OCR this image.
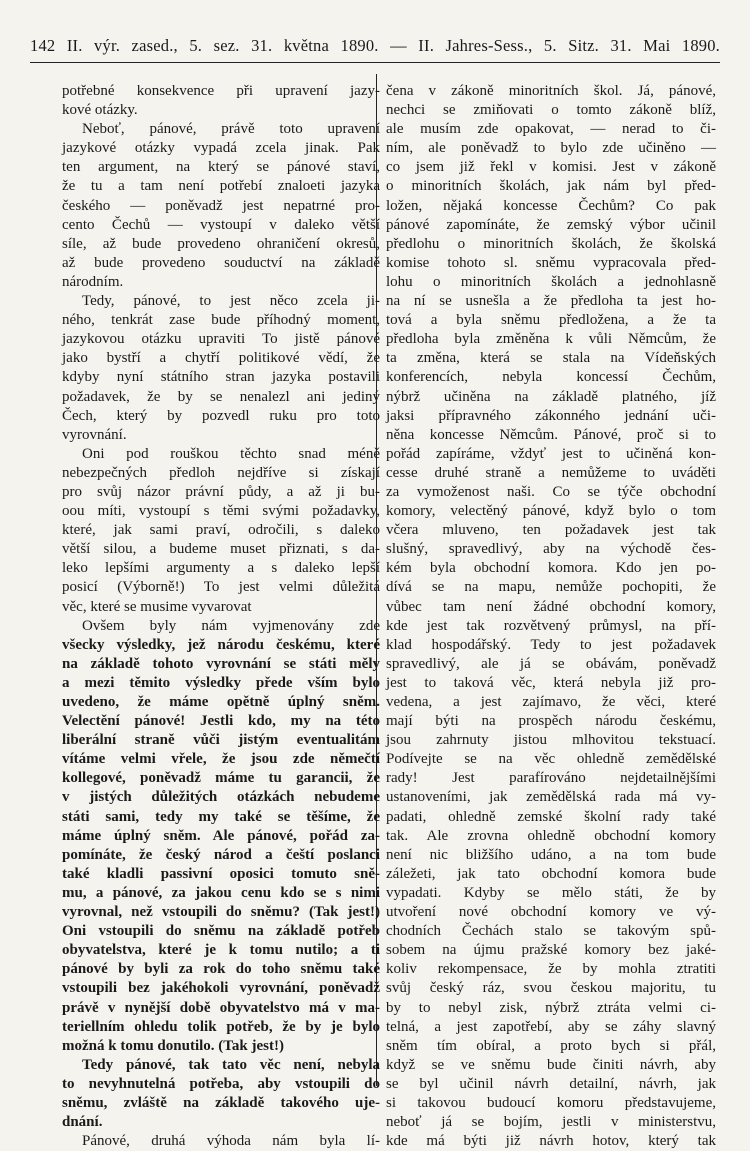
142 II. výr. zased., 5. sez. 31. května 1890. — II. Jahres-Sess., 5. Sitz. 31. Mai 1890.
potřebné konsekvence při upravení jazy-
kové otázky.
Neboť, pánové, právě toto upravení
jazykové otázky vypadá zcela jinak. Pak
ten argument, na který se pánové staví,
že tu a tam není potřebí znaloeti jazyka
českého — poněvadž jest nepatrné pro-
cento Čechů — vystoupí v daleko větší
síle, až bude provedeno ohraničení okresů,
až bude provedeno souductví na základě
národním.
Tedy, pánové, to jest něco zcela ji-
ného, tenkrát zase bude příhodný moment,
jazykovou otázku upraviti To jistě pánové
jako bystří a chytří politikové vědí, že
kdyby nyní státního stran jazyka postavili
požadavek, že by se nenalezl ani jediný
Čech, který by pozvedl ruku pro toto
vyrovnání.
Oni pod rouškou těchto snad méně
nebezpečných předloh nejdříve si získají
pro svůj názor právní půdy, a až ji bu-
oou míti, vystoupí s těmi svými požadavky,
které, jak sami praví, odročili, s daleko
větší silou, a budeme muset přiznati, s da-
leko lepšími argumenty a s daleko lepší
posicí (Výborně!) To jest velmi důležitá
věc, které se musime vyvarovat
Ovšem byly nám vyjmenovány zde
všecky výsledky, jež národu českému, které
na základě tohoto vyrovnání se státi měly
a mezi těmito výsledky přede vším bylo
uvedeno, že máme opětně úplný sněm.
Velectění pánové! Jestli kdo, my na této
liberální straně vůči jistým eventualitám
vítáme velmi vřele, že jsou zde němečtí
kollegové, poněvadž máme tu garancii, že
v jistých důležitých otázkách nebudeme
státi sami, tedy my také se těšíme, že
máme úplný sněm. Ale pánové, pořád za-
pomínáte, že český národ a čeští poslanci
také kladli passivní oposici tomuto sně-
mu, a pánové, za jakou cenu kdo se s nimi
vyrovnal, než vstoupili do sněmu? (Tak jest!)
Oni vstoupili do sněmu na základě potřeb
obyvatelstva, které je k tomu nutilo; a ti
pánové by byli za rok do toho sněmu také
vstoupili bez jakéhokoli vyrovnání, poněvadž
právě v nynější době obyvatelstvo má v ma-
teriellním ohledu tolik potřeb, že by je bylo
možná k tomu donutilo. (Tak jest!)
Tedy pánové, tak tato věc není, nebyla
to nevyhnutelná potřeba, aby vstoupili do
sněmu, zvláště na základě takového uje-
dnání.
Pánové, druhá výhoda nám byla lí-
čena v zákoně minoritních škol. Já, pánové,
nechci se zmiňovati o tomto zákoně blíž,
ale musím zde opakovat, — nerad to či-
ním, ale poněvadž to bylo zde učiněno —
co jsem již řekl v komisi. Jest v zákoně
o minoritních školách, jak nám byl před-
ložen, nějaká koncesse Čechům? Co pak
pánové zapomínáte, že zemský výbor učinil
předlohu o minoritních školách, že školská
komise tohoto sl. sněmu vypracovala před-
lohu o minoritních školách a jednohlasně
na ní se usnešla a že předloha ta jest ho-
tová a byla sněmu předložena, a že ta
předloha byla změněna k vůli Němcům, že
ta změna, která se stala na Vídeňských
konferencích, nebyla koncessí Čechům,
nýbrž učiněna na základě platného, jíž
jaksi přípravného zákonného jednání uči-
něna koncesse Němcům. Pánové, proč si to
pořád zapíráme, vždyť jest to učiněná kon-
cesse druhé straně a nemůžeme to uváděti
za vymoženost naši. Co se týče obchodní
komory, velectěný pánové, když bylo o tom
včera mluveno, ten požadavek jest tak
slušný, spravedlivý, aby na východě čes-
kém byla obchodní komora. Kdo jen po-
dívá se na mapu, nemůže pochopiti, že
vůbec tam není žádné obchodní komory,
kde jest tak rozvětvený průmysl, na pří-
klad hospodářský. Tedy to jest požadavek
spravedlivý, ale já se obávám, poněvadž
jest to taková věc, která nebyla již pro-
vedena, a jest zajímavo, že věci, které
mají býti na prospěch národu českému,
jsou zahrnuty jistou mlhovitou tekstuací.
Podívejte se na věc ohledně zemědělské
rady! Jest parafírováno nejdetailnějšími
ustanoveními, jak zemědělská rada má vy-
padati, ohledně zemské školní rady také
tak. Ale zrovna ohledně obchodní komory
není nic bližšího udáno, a na tom bude
záležeti, jak tato obchodní komora bude
vypadati. Kdyby se mělo státi, že by
utvoření nové obchodní komory ve vý-
chodních Čechách stalo se takovým spů-
sobem na újmu pražské komory bez jaké-
koliv rekompensace, že by mohla ztratiti
svůj český ráz, svou českou majoritu, tu
by to nebyl zisk, nýbrž ztráta velmi ci-
telná, a jest zapotřebí, aby se záhy slavný
sněm tím obíral, a proto bych si přál,
když se ve sněmu bude činiti návrh, aby
se byl učinil návrh detailní, návrh, jak
si takovou budoucí komoru představujeme,
neboť já se bojím, jestli v ministerstvu,
kde má býti již návrh hotov, který tak
